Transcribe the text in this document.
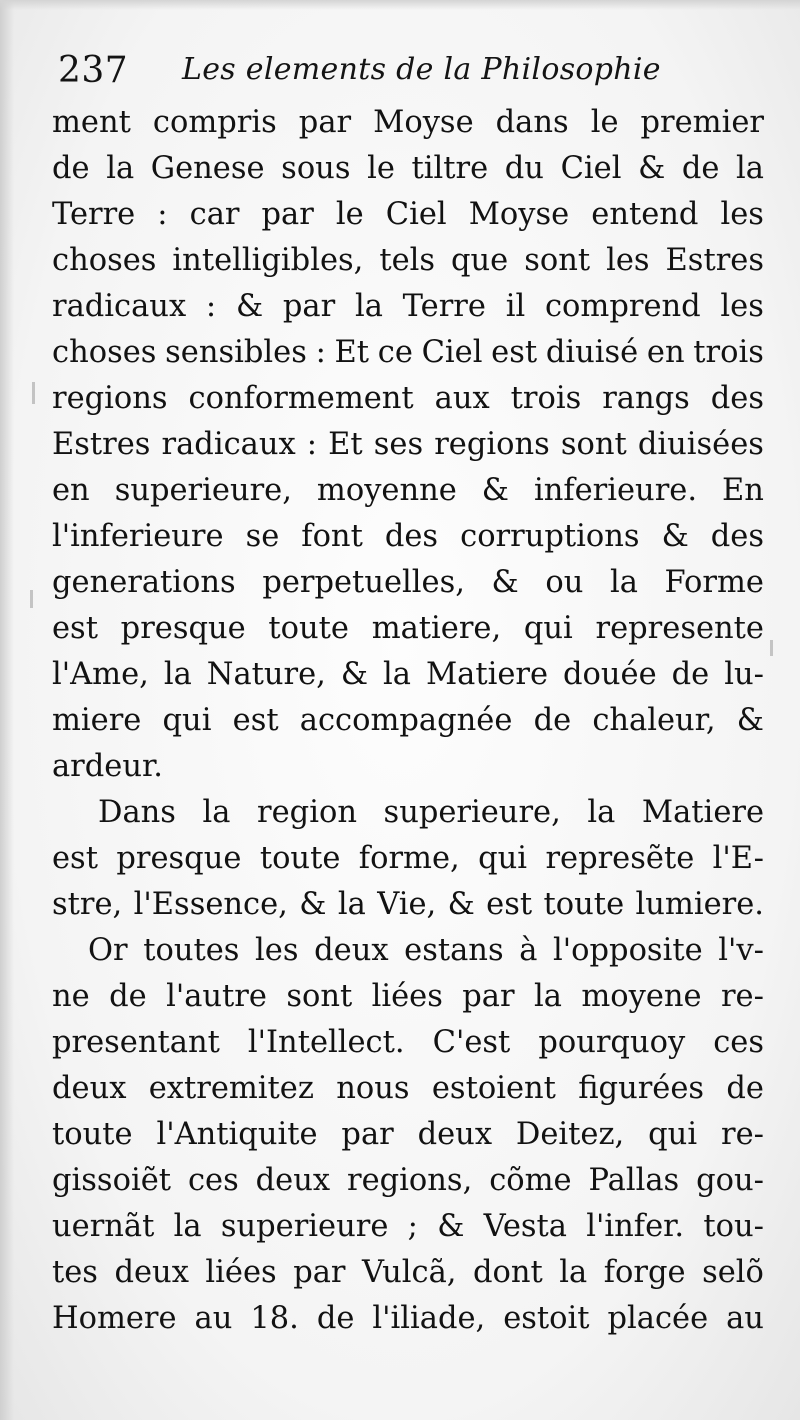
237 Les elements de la Philosophie
ment compris par Moyse dans le premier
de la Genese sous le tiltre du Ciel & de la
Terre : car par le Ciel Moyse entend les
choses intelligibles, tels que sont les Estres
radicaux : & par la Terre il comprend les
choses sensibles : Et ce Ciel est diuisé en trois
regions conformement aux trois rangs des
Estres radicaux : Et ses regions sont diuisées
en superieure, moyenne & inferieure. En
l'inferieure se font des corruptions & des
generations perpetuelles, & ou la Forme
est presque toute matiere, qui represente
l'Ame, la Nature, & la Matiere douée de lu-
miere qui est accompagnée de chaleur, &
ardeur.
Dans la region superieure, la Matiere
est presque toute forme, qui represẽte l'E-
stre, l'Essence, & la Vie, & est toute lumiere.
Or toutes les deux estans à l'opposite l'v-
ne de l'autre sont liées par la moyene re-
presentant l'Intellect. C'est pourquoy ces
deux extremitez nous estoient figurées de
toute l'Antiquite par deux Deitez, qui re-
gissoiẽt ces deux regions, cõme Pallas gou-
uernãt la superieure ; & Vesta l'infer. tou-
tes deux liées par Vulcã, dont la forge selõ
Homere au 18. de l'iliade, estoit placée au
